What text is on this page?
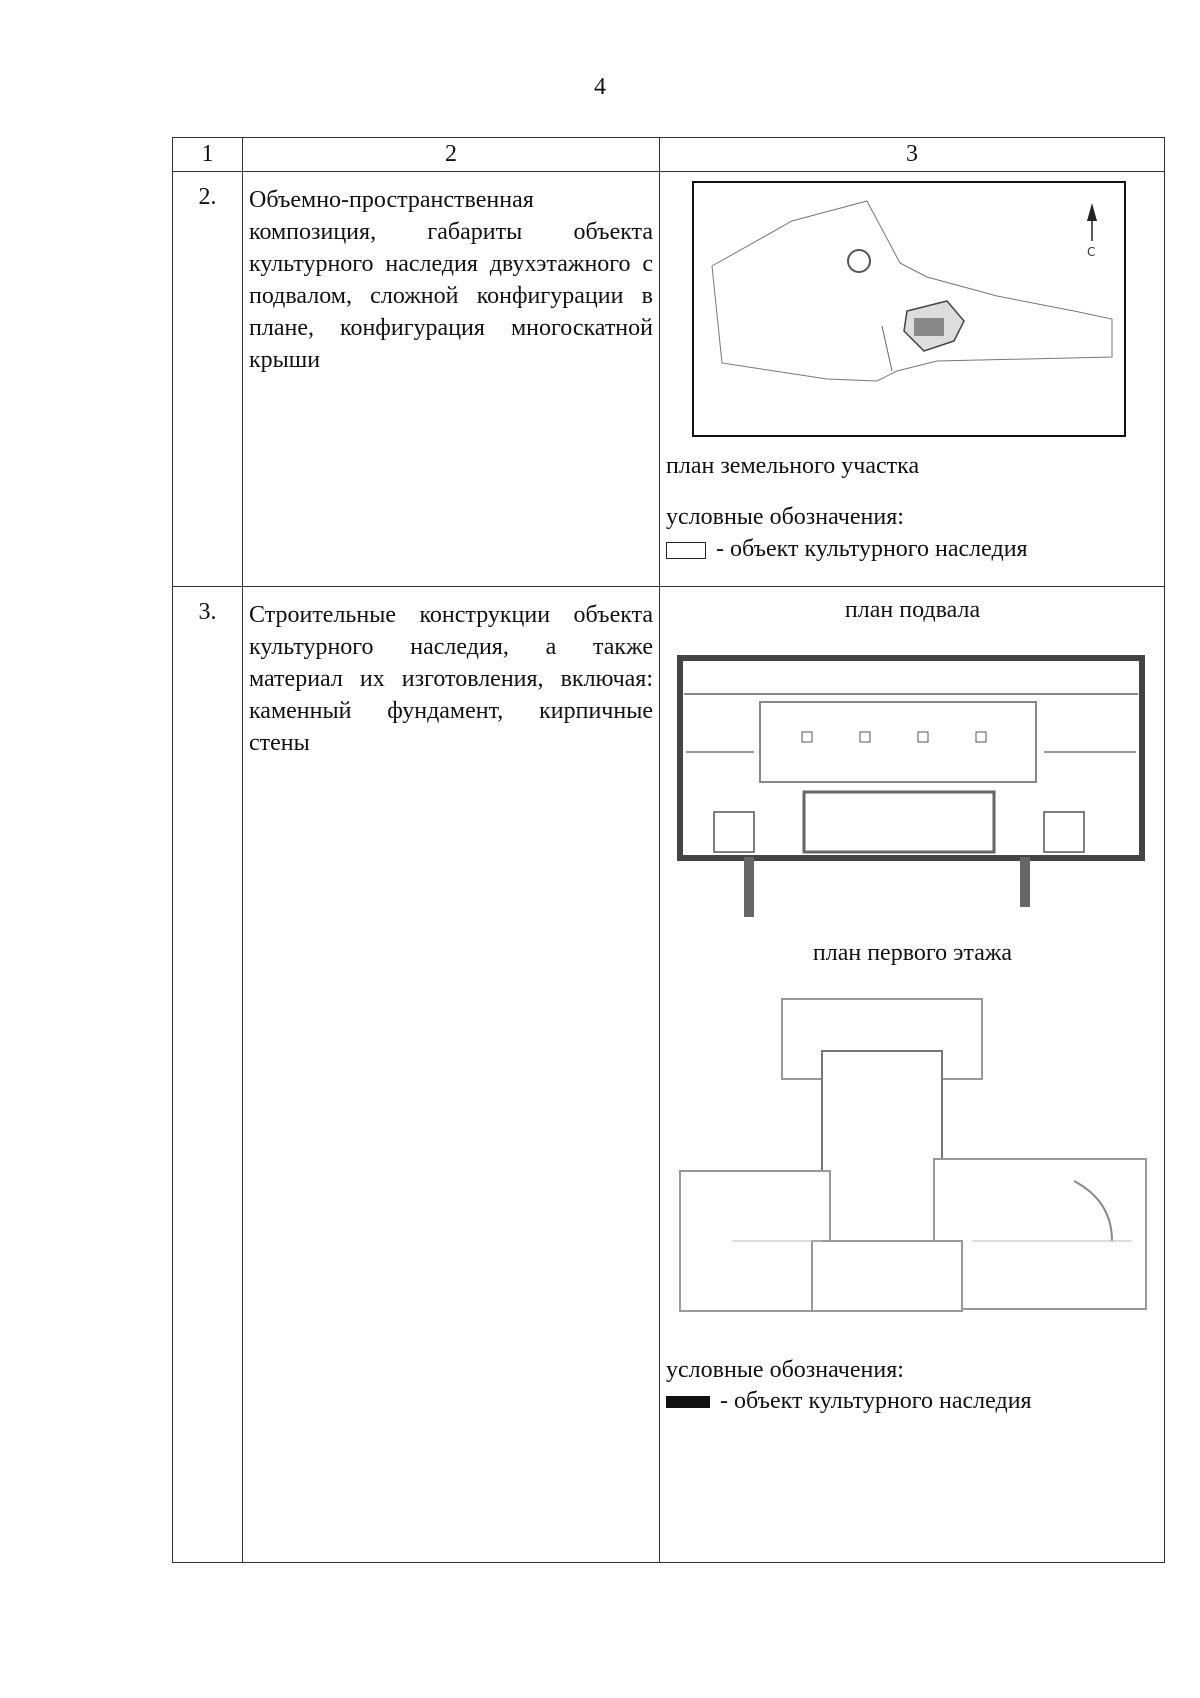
4
1	2	3
2.	Объемно-пространственная композиция, габариты объекта культурного наследия двухэтажного с подвалом, сложной конфигурации в плане, конфигурация многоскатной крыши	С
план земельного участка
условные обозначения:
- объект культурного наследия

3.	Строительные конструкции объекта культурного наследия, а также материал их изготовления, включая: каменный фундамент, кирпичные стены	план подвала
план первого этажа
условные обозначения:
- объект культурного наследия
